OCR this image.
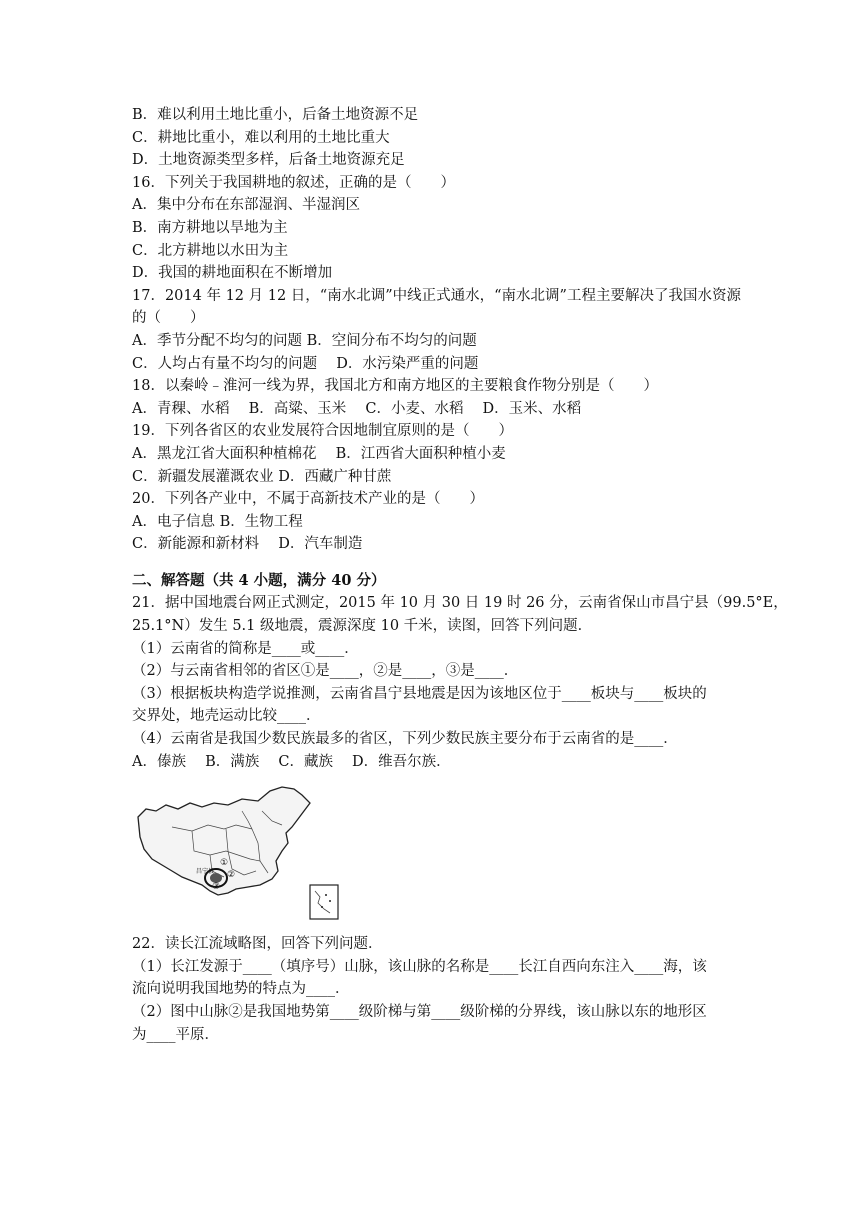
B．难以利用土地比重小，后备土地资源不足
C．耕地比重小，难以利用的土地比重大
D．土地资源类型多样，后备土地资源充足
16．下列关于我国耕地的叙述，正确的是（　　）
A．集中分布在东部湿润、半湿润区
B．南方耕地以旱地为主
C．北方耕地以水田为主
D．我国的耕地面积在不断增加
17．2014 年 12 月 12 日，“南水北调”中线正式通水，“南水北调”工程主要解决了我国水资源
的（　　）
A．季节分配不均匀的问题 B．空间分布不均匀的问题
C．人均占有量不均匀的问题　 D．水污染严重的问题
18．以秦岭﹣淮河一线为界，我国北方和南方地区的主要粮食作物分别是（　　）
A．青稞、水稻　 B．高粱、玉米　 C．小麦、水稻　 D．玉米、水稻
19．下列各省区的农业发展符合因地制宜原则的是（　　）
A．黑龙江省大面积种植棉花　 B．江西省大面积种植小麦
C．新疆发展灌溉农业 D．西藏广种甘蔗
20．下列各产业中，不属于高新技术产业的是（　　）
A．电子信息 B．生物工程
C．新能源和新材料　 D．汽车制造
二、解答题（共 4 小题，满分 40 分）
21．据中国地震台网正式测定，2015 年 10 月 30 日 19 时 26 分，云南省保山市昌宁县（99.5°E，
25.1°N）发生 5.1 级地震，震源深度 10 千米，读图，回答下列问题．
（1）云南省的简称是____或____．
（2）与云南省相邻的省区①是____，②是____，③是____．
（3）根据板块构造学说推测，云南省昌宁县地震是因为该地区位于____板块与____板块的
交界处，地壳运动比较____．
（4）云南省是我国少数民族最多的省区，下列少数民族主要分布于云南省的是____．
A．傣族　 B．满族　 C．藏族　 D．维吾尔族．
①
②
③
昌宁县
22．读长江流域略图，回答下列问题．
（1）长江发源于____（填序号）山脉，该山脉的名称是____长江自西向东注入____海，该
流向说明我国地势的特点为____．
（2）图中山脉②是我国地势第____级阶梯与第____级阶梯的分界线，该山脉以东的地形区
为____平原．
